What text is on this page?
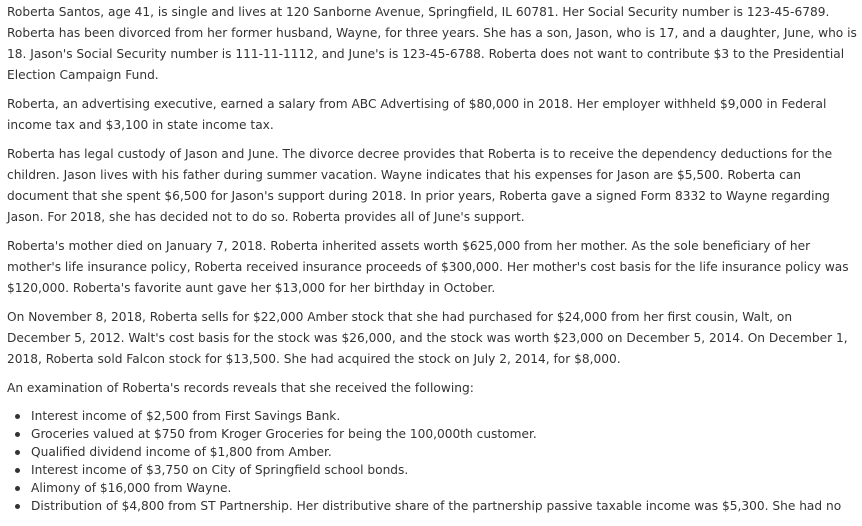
Roberta Santos, age 41, is single and lives at 120 Sanborne Avenue, Springfield, IL 60781. Her Social Security number is 123-45-6789. Roberta has been divorced from her former husband, Wayne, for three years. She has a son, Jason, who is 17, and a daughter, June, who is 18. Jason's Social Security number is 111-11-1112, and June's is 123-45-6788. Roberta does not want to contribute $3 to the Presidential Election Campaign Fund.

Roberta, an advertising executive, earned a salary from ABC Advertising of $80,000 in 2018. Her employer withheld $9,000 in Federal income tax and $3,100 in state income tax.

Roberta has legal custody of Jason and June. The divorce decree provides that Roberta is to receive the dependency deductions for the children. Jason lives with his father during summer vacation. Wayne indicates that his expenses for Jason are $5,500. Roberta can document that she spent $6,500 for Jason's support during 2018. In prior years, Roberta gave a signed Form 8332 to Wayne regarding Jason. For 2018, she has decided not to do so. Roberta provides all of June's support.

Roberta's mother died on January 7, 2018. Roberta inherited assets worth $625,000 from her mother. As the sole beneficiary of her mother's life insurance policy, Roberta received insurance proceeds of $300,000. Her mother's cost basis for the life insurance policy was $120,000. Roberta's favorite aunt gave her $13,000 for her birthday in October.

On November 8, 2018, Roberta sells for $22,000 Amber stock that she had purchased for $24,000 from her first cousin, Walt, on December 5, 2012. Walt's cost basis for the stock was $26,000, and the stock was worth $23,000 on December 5, 2014. On December 1, 2018, Roberta sold Falcon stock for $13,500. She had acquired the stock on July 2, 2014, for $8,000.

An examination of Roberta's records reveals that she received the following:

Interest income of $2,500 from First Savings Bank.
Groceries valued at $750 from Kroger Groceries for being the 100,000th customer.
Qualified dividend income of $1,800 from Amber.
Interest income of $3,750 on City of Springfield school bonds.
Alimony of $16,000 from Wayne.
Distribution of $4,800 from ST Partnership. Her distributive share of the partnership passive taxable income was $5,300. She had no
